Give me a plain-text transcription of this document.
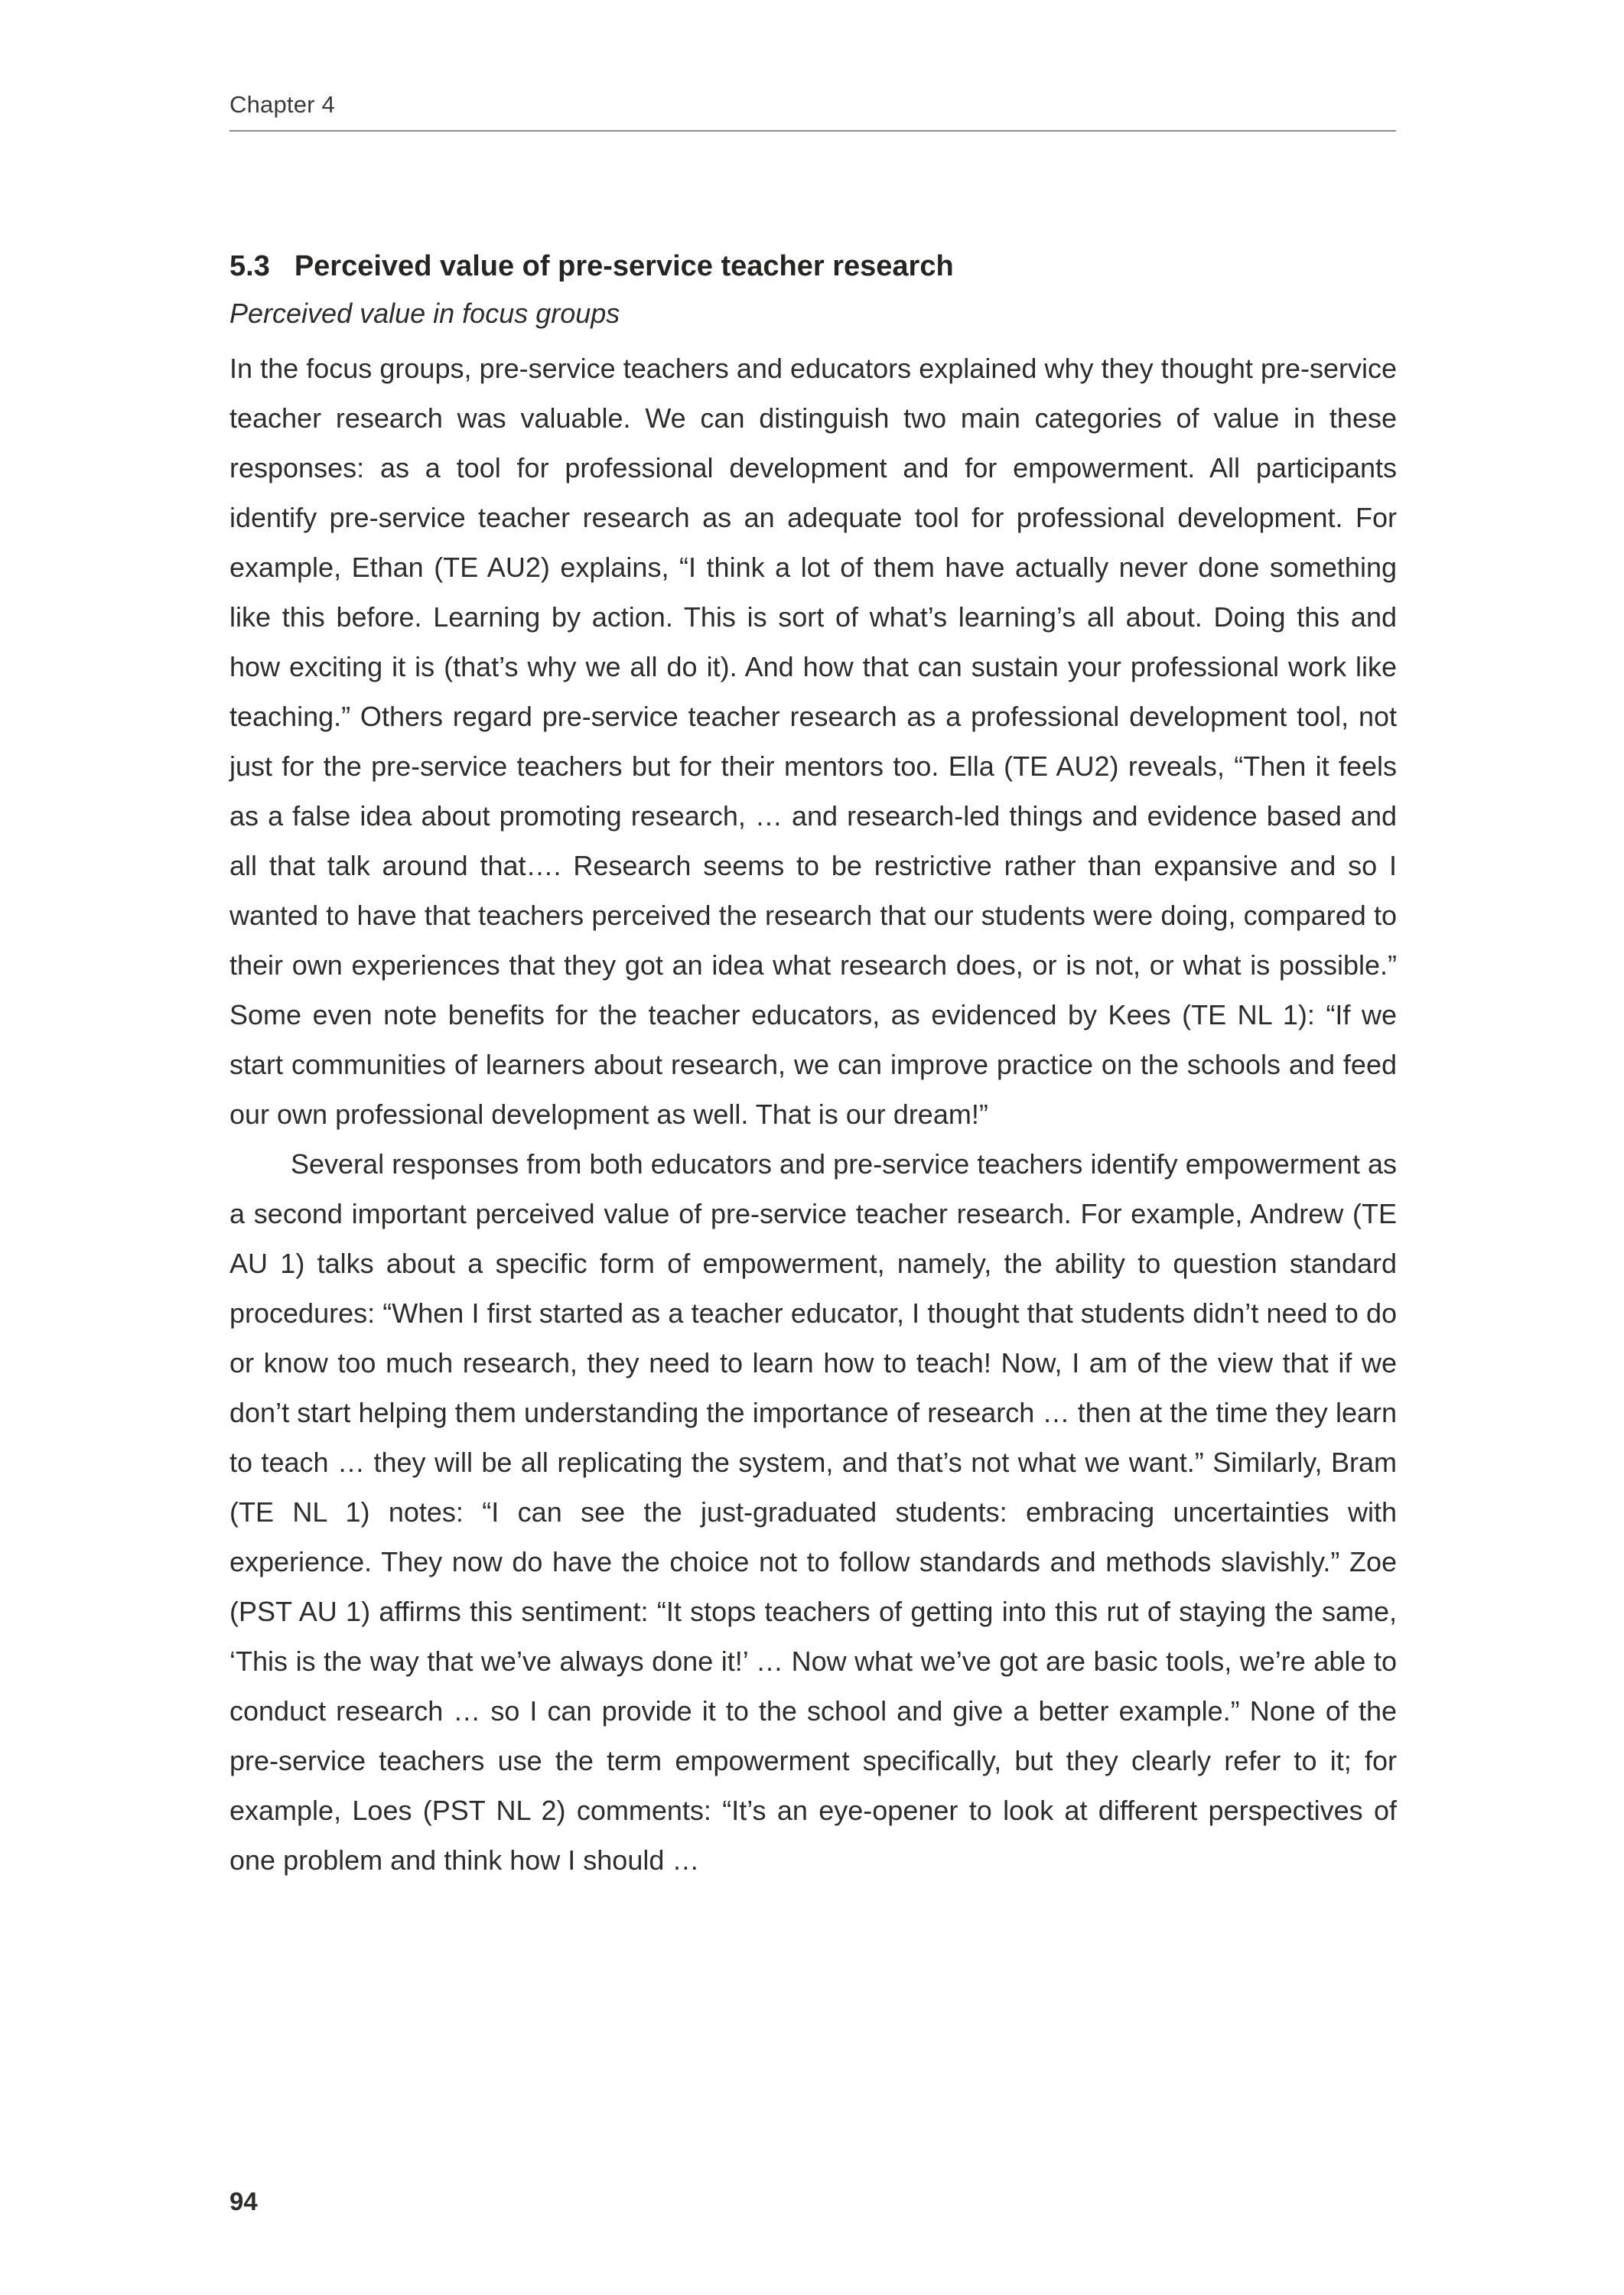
Chapter 4
5.3 Perceived value of pre-service teacher research

Perceived value in focus groups

In the focus groups, pre-service teachers and educators explained why they thought pre-service teacher research was valuable. We can distinguish two main categories of value in these responses: as a tool for professional development and for empowerment. All participants identify pre-service teacher research as an adequate tool for professional development. For example, Ethan (TE AU2) explains, “I think a lot of them have actually never done something like this before. Learning by action. This is sort of what’s learning’s all about. Doing this and how exciting it is (that’s why we all do it). And how that can sustain your professional work like teaching.” Others regard pre-service teacher research as a professional development tool, not just for the pre-service teachers but for their mentors too. Ella (TE AU2) reveals, “Then it feels as a false idea about promoting research, … and research-led things and evidence based and all that talk around that…. Research seems to be restrictive rather than expansive and so I wanted to have that teachers perceived the research that our students were doing, compared to their own experiences that they got an idea what research does, or is not, or what is possible.” Some even note benefits for the teacher educators, as evidenced by Kees (TE NL 1): “If we start communities of learners about research, we can improve practice on the schools and feed our own professional development as well. That is our dream!”

Several responses from both educators and pre-service teachers identify empowerment as a second important perceived value of pre-service teacher research. For example, Andrew (TE AU 1) talks about a specific form of empowerment, namely, the ability to question standard procedures: “When I first started as a teacher educator, I thought that students didn’t need to do or know too much research, they need to learn how to teach! Now, I am of the view that if we don’t start helping them understanding the importance of research … then at the time they learn to teach … they will be all replicating the system, and that’s not what we want.” Similarly, Bram (TE NL 1) notes: “I can see the just-graduated students: embracing uncertainties with experience. They now do have the choice not to follow standards and methods slavishly.” Zoe (PST AU 1) affirms this sentiment: “It stops teachers of getting into this rut of staying the same, ‘This is the way that we’ve always done it!’ … Now what we’ve got are basic tools, we’re able to conduct research … so I can provide it to the school and give a better example.” None of the pre-service teachers use the term empowerment specifically, but they clearly refer to it; for example, Loes (PST NL 2) comments: “It’s an eye-opener to look at different perspectives of one problem and think how I should …

94
